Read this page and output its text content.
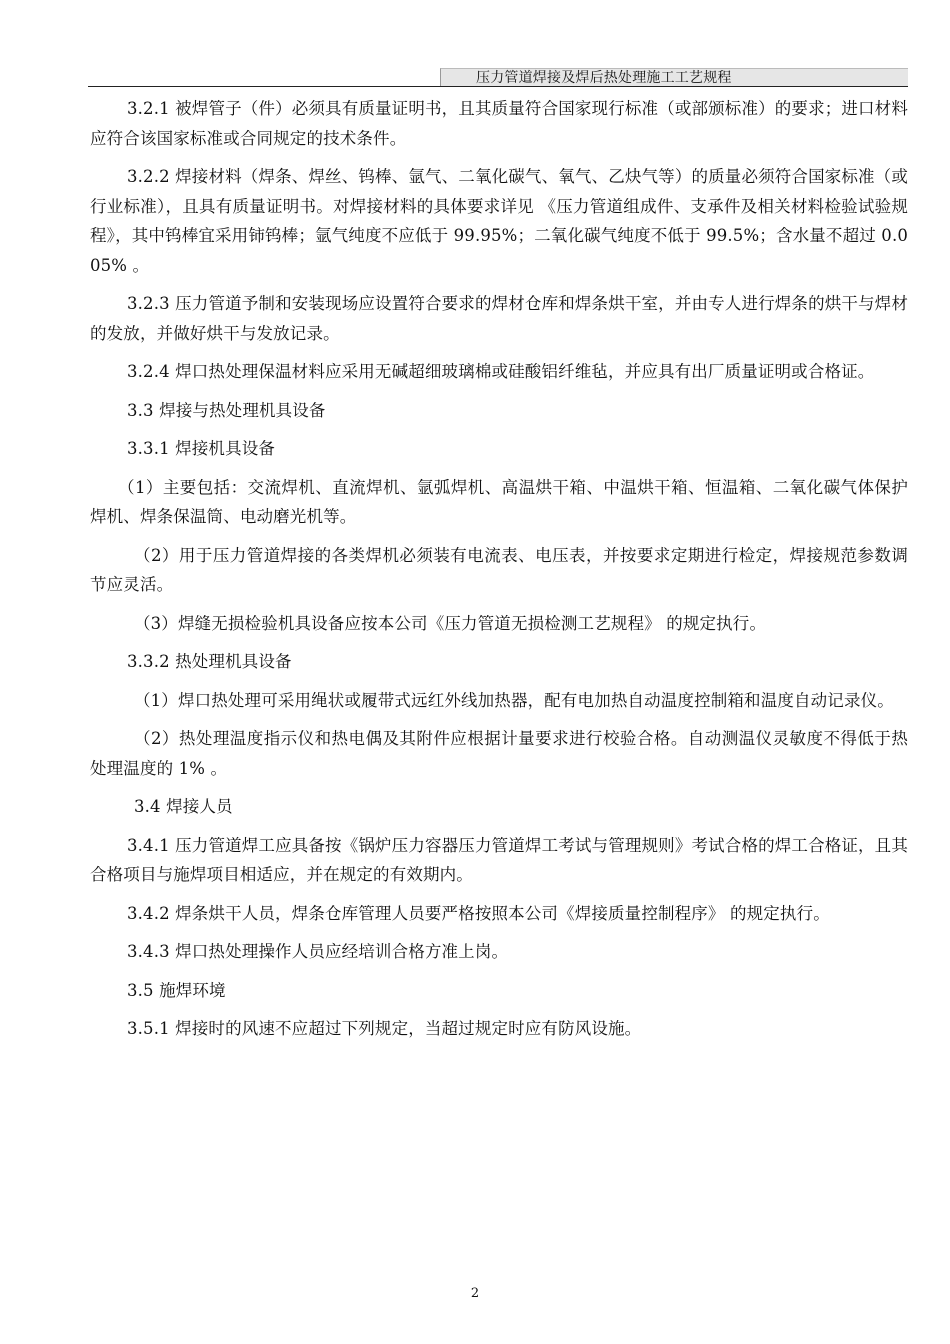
压力管道焊接及焊后热处理施工工艺规程

3.2.1 被焊管子（件）必须具有质量证明书，且其质量符合国家现行标准（或部颁标准）的要求；进口材料应符合该国家标准或合同规定的技术条件。

3.2.2 焊接材料（焊条、焊丝、钨棒、氩气、二氧化碳气、氧气、乙炔气等）的质量必须符合国家标准（或行业标准），且具有质量证明书。对焊接材料的具体要求详见 《压力管道组成件、支承件及相关材料检验试验规程》，其中钨棒宜采用铈钨棒；氩气纯度不应低于 99.95%；二氧化碳气纯度不低于 99.5%；含水量不超过 0.005% 。

3.2.3 压力管道予制和安装现场应设置符合要求的焊材仓库和焊条烘干室，并由专人进行焊条的烘干与焊材的发放，并做好烘干与发放记录。

3.2.4 焊口热处理保温材料应采用无碱超细玻璃棉或硅酸铝纤维毡，并应具有出厂质量证明或合格证。

3.3 焊接与热处理机具设备

3.3.1 焊接机具设备

（1）主要包括：交流焊机、直流焊机、氩弧焊机、高温烘干箱、中温烘干箱、恒温箱、二氧化碳气体保护焊机、焊条保温筒、电动磨光机等。

（2）用于压力管道焊接的各类焊机必须装有电流表、电压表，并按要求定期进行检定，焊接规范参数调节应灵活。

（3）焊缝无损检验机具设备应按本公司《压力管道无损检测工艺规程》 的规定执行。

3.3.2 热处理机具设备

（1）焊口热处理可采用绳状或履带式远红外线加热器，配有电加热自动温度控制箱和温度自动记录仪。

（2）热处理温度指示仪和热电偶及其附件应根据计量要求进行校验合格。自动测温仪灵敏度不得低于热处理温度的 1% 。

3.4 焊接人员

3.4.1 压力管道焊工应具备按《锅炉压力容器压力管道焊工考试与管理规则》考试合格的焊工合格证，且其合格项目与施焊项目相适应，并在规定的有效期内。

3.4.2 焊条烘干人员，焊条仓库管理人员要严格按照本公司《焊接质量控制程序》 的规定执行。

3.4.3 焊口热处理操作人员应经培训合格方准上岗。

3.5 施焊环境

3.5.1 焊接时的风速不应超过下列规定，当超过规定时应有防风设施。

2
